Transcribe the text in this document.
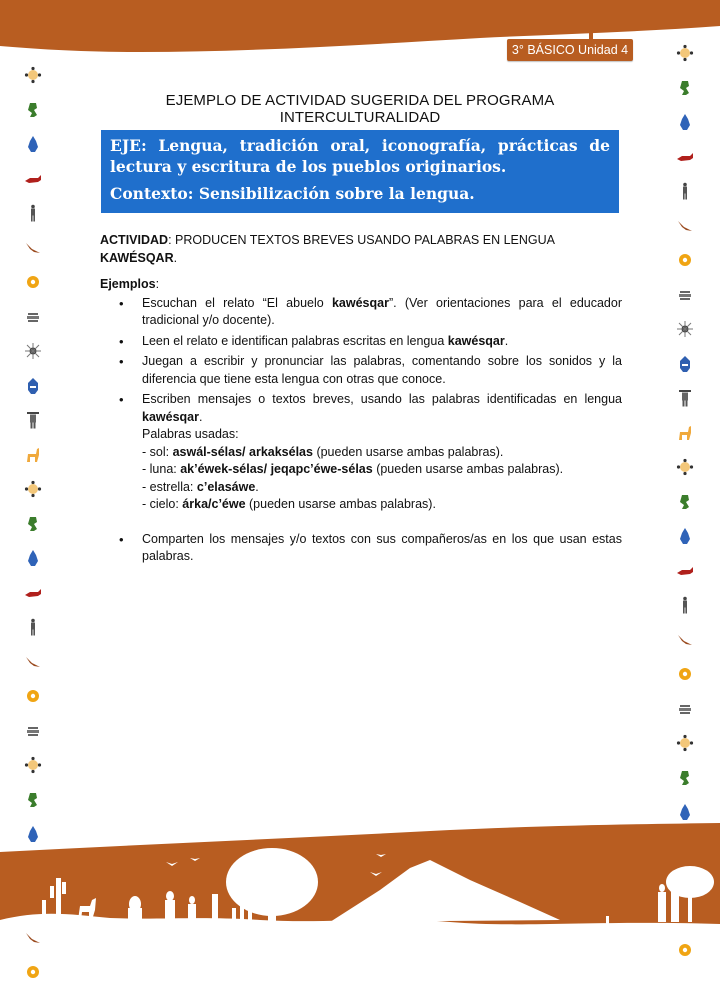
3° BÁSICO Unidad 4
EJEMPLO DE ACTIVIDAD SUGERIDA DEL PROGRAMA INTERCULTURALIDAD
EJE: Lengua, tradición oral, iconografía, prácticas de lectura y escritura de los pueblos originarios.
Contexto: Sensibilización sobre la lengua.
ACTIVIDAD: PRODUCEN TEXTOS BREVES USANDO PALABRAS EN LENGUA KAWÉSQAR.
Ejemplos:
• Escuchan el relato “El abuelo kawésqar”. (Ver orientaciones para el educador tradicional y/o docente).
• Leen el relato e identifican palabras escritas en lengua kawésqar.
• Juegan a escribir y pronunciar las palabras, comentando sobre los sonidos y la diferencia que tiene esta lengua con otras que conoce.
• Escriben mensajes o textos breves, usando las palabras identificadas en lengua kawésqar.
Palabras usadas:
- sol: aswál-sélas/ arkaksélas (pueden usarse ambas palabras).
- luna: ak’éwek-sélas/ jeqapc’éwe-sélas (pueden usarse ambas palabras).
- estrella: c’elasáwe.
- cielo: árka/c’éwe (pueden usarse ambas palabras).
• Comparten los mensajes y/o textos con sus compañeros/as en los que usan estas palabras.
